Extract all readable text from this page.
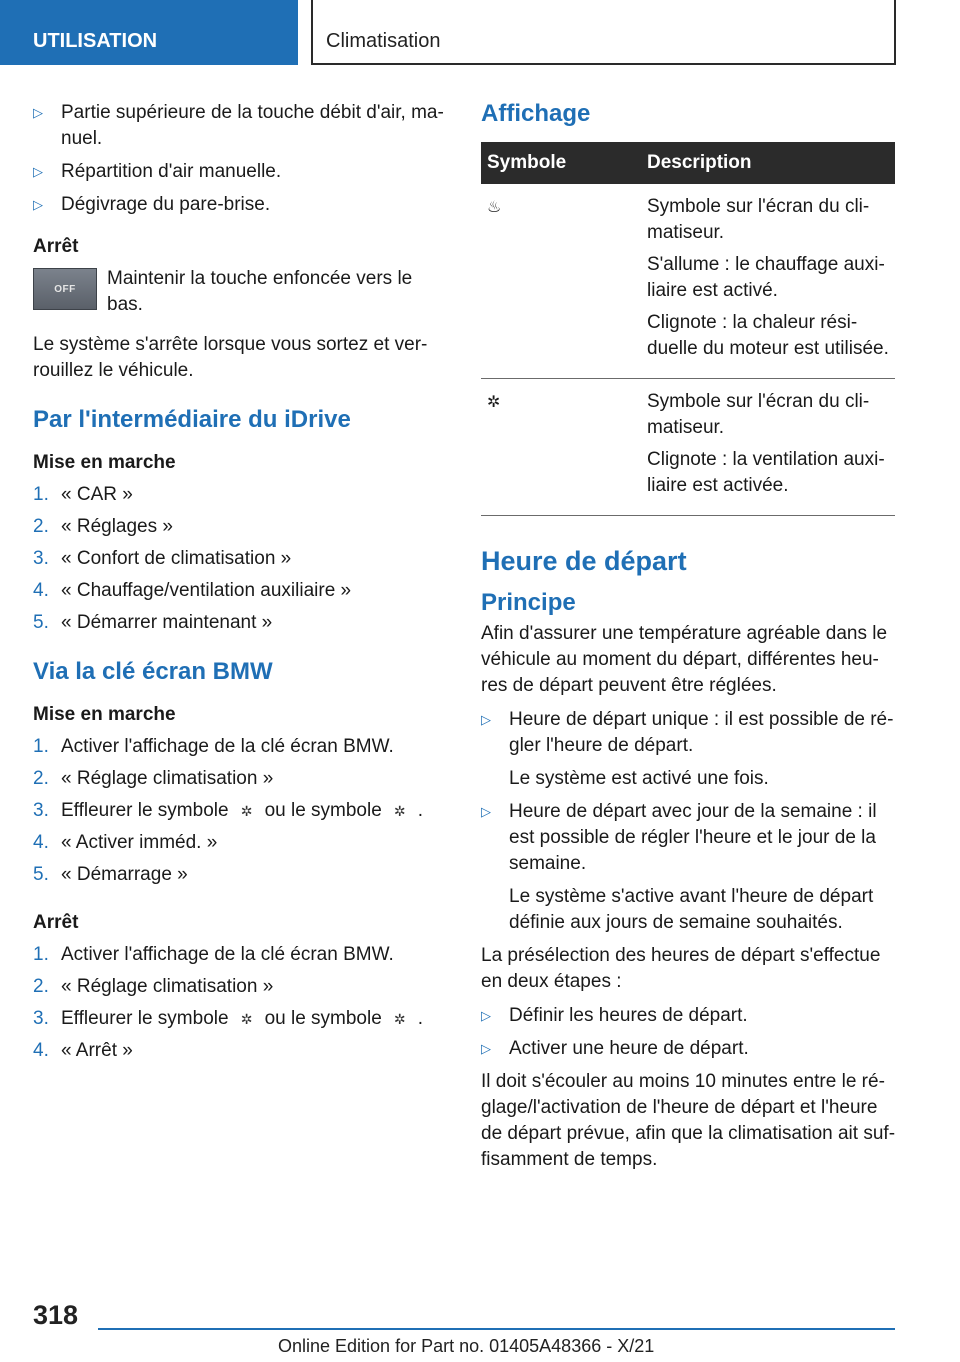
UTILISATION	Climatisation
▷ Partie supérieure de la touche débit d'air, manuel.
▷ Répartition d'air manuelle.
▷ Dégivrage du pare-brise.
Arrêt
OFF Maintenir la touche enfoncée vers le bas.

Le système s'arrête lorsque vous sortez et verrouillez le véhicule.

Par l'intermédiaire du iDrive
Mise en marche
1. « CAR »
2. « Réglages »
3. « Confort de climatisation »
4. « Chauffage/ventilation auxiliaire »
5. « Démarrer maintenant »
Via la clé écran BMW
Mise en marche
1. Activer l'affichage de la clé écran BMW.
2. « Réglage climatisation »
3. Effleurer le symbole ✲ ou le symbole ✲ .
4. « Activer imméd. »
5. « Démarrage »
Arrêt
1. Activer l'affichage de la clé écran BMW.
2. « Réglage climatisation »
3. Effleurer le symbole ✲ ou le symbole ✲ .
4. « Arrêt »
Affichage
Symbole	Description
♨	Symbole sur l'écran du climatiseur.

S'allume : le chauffage auxiliaire est activé.

Clignote : la chaleur résiduelle du moteur est utilisée.

✲	Symbole sur l'écran du climatiseur.

Clignote : la ventilation auxiliaire est activée.

Heure de départ
Principe

Afin d'assurer une température agréable dans le véhicule au moment du départ, différentes heures de départ peuvent être réglées.

▷ Heure de départ unique : il est possible de régler l'heure de départ.

Le système est activé une fois.

▷ Heure de départ avec jour de la semaine : il est possible de régler l'heure et le jour de la semaine.

Le système s'active avant l'heure de départ définie aux jours de semaine souhaités.

La présélection des heures de départ s'effectue en deux étapes :

▷ Définir les heures de départ.
▷ Activer une heure de départ.

Il doit s'écouler au moins 10 minutes entre le réglage/l'activation de l'heure de départ et l'heure de départ prévue, afin que la climatisation ait suffisamment de temps.

318
Online Edition for Part no. 01405A48366 - X/21
